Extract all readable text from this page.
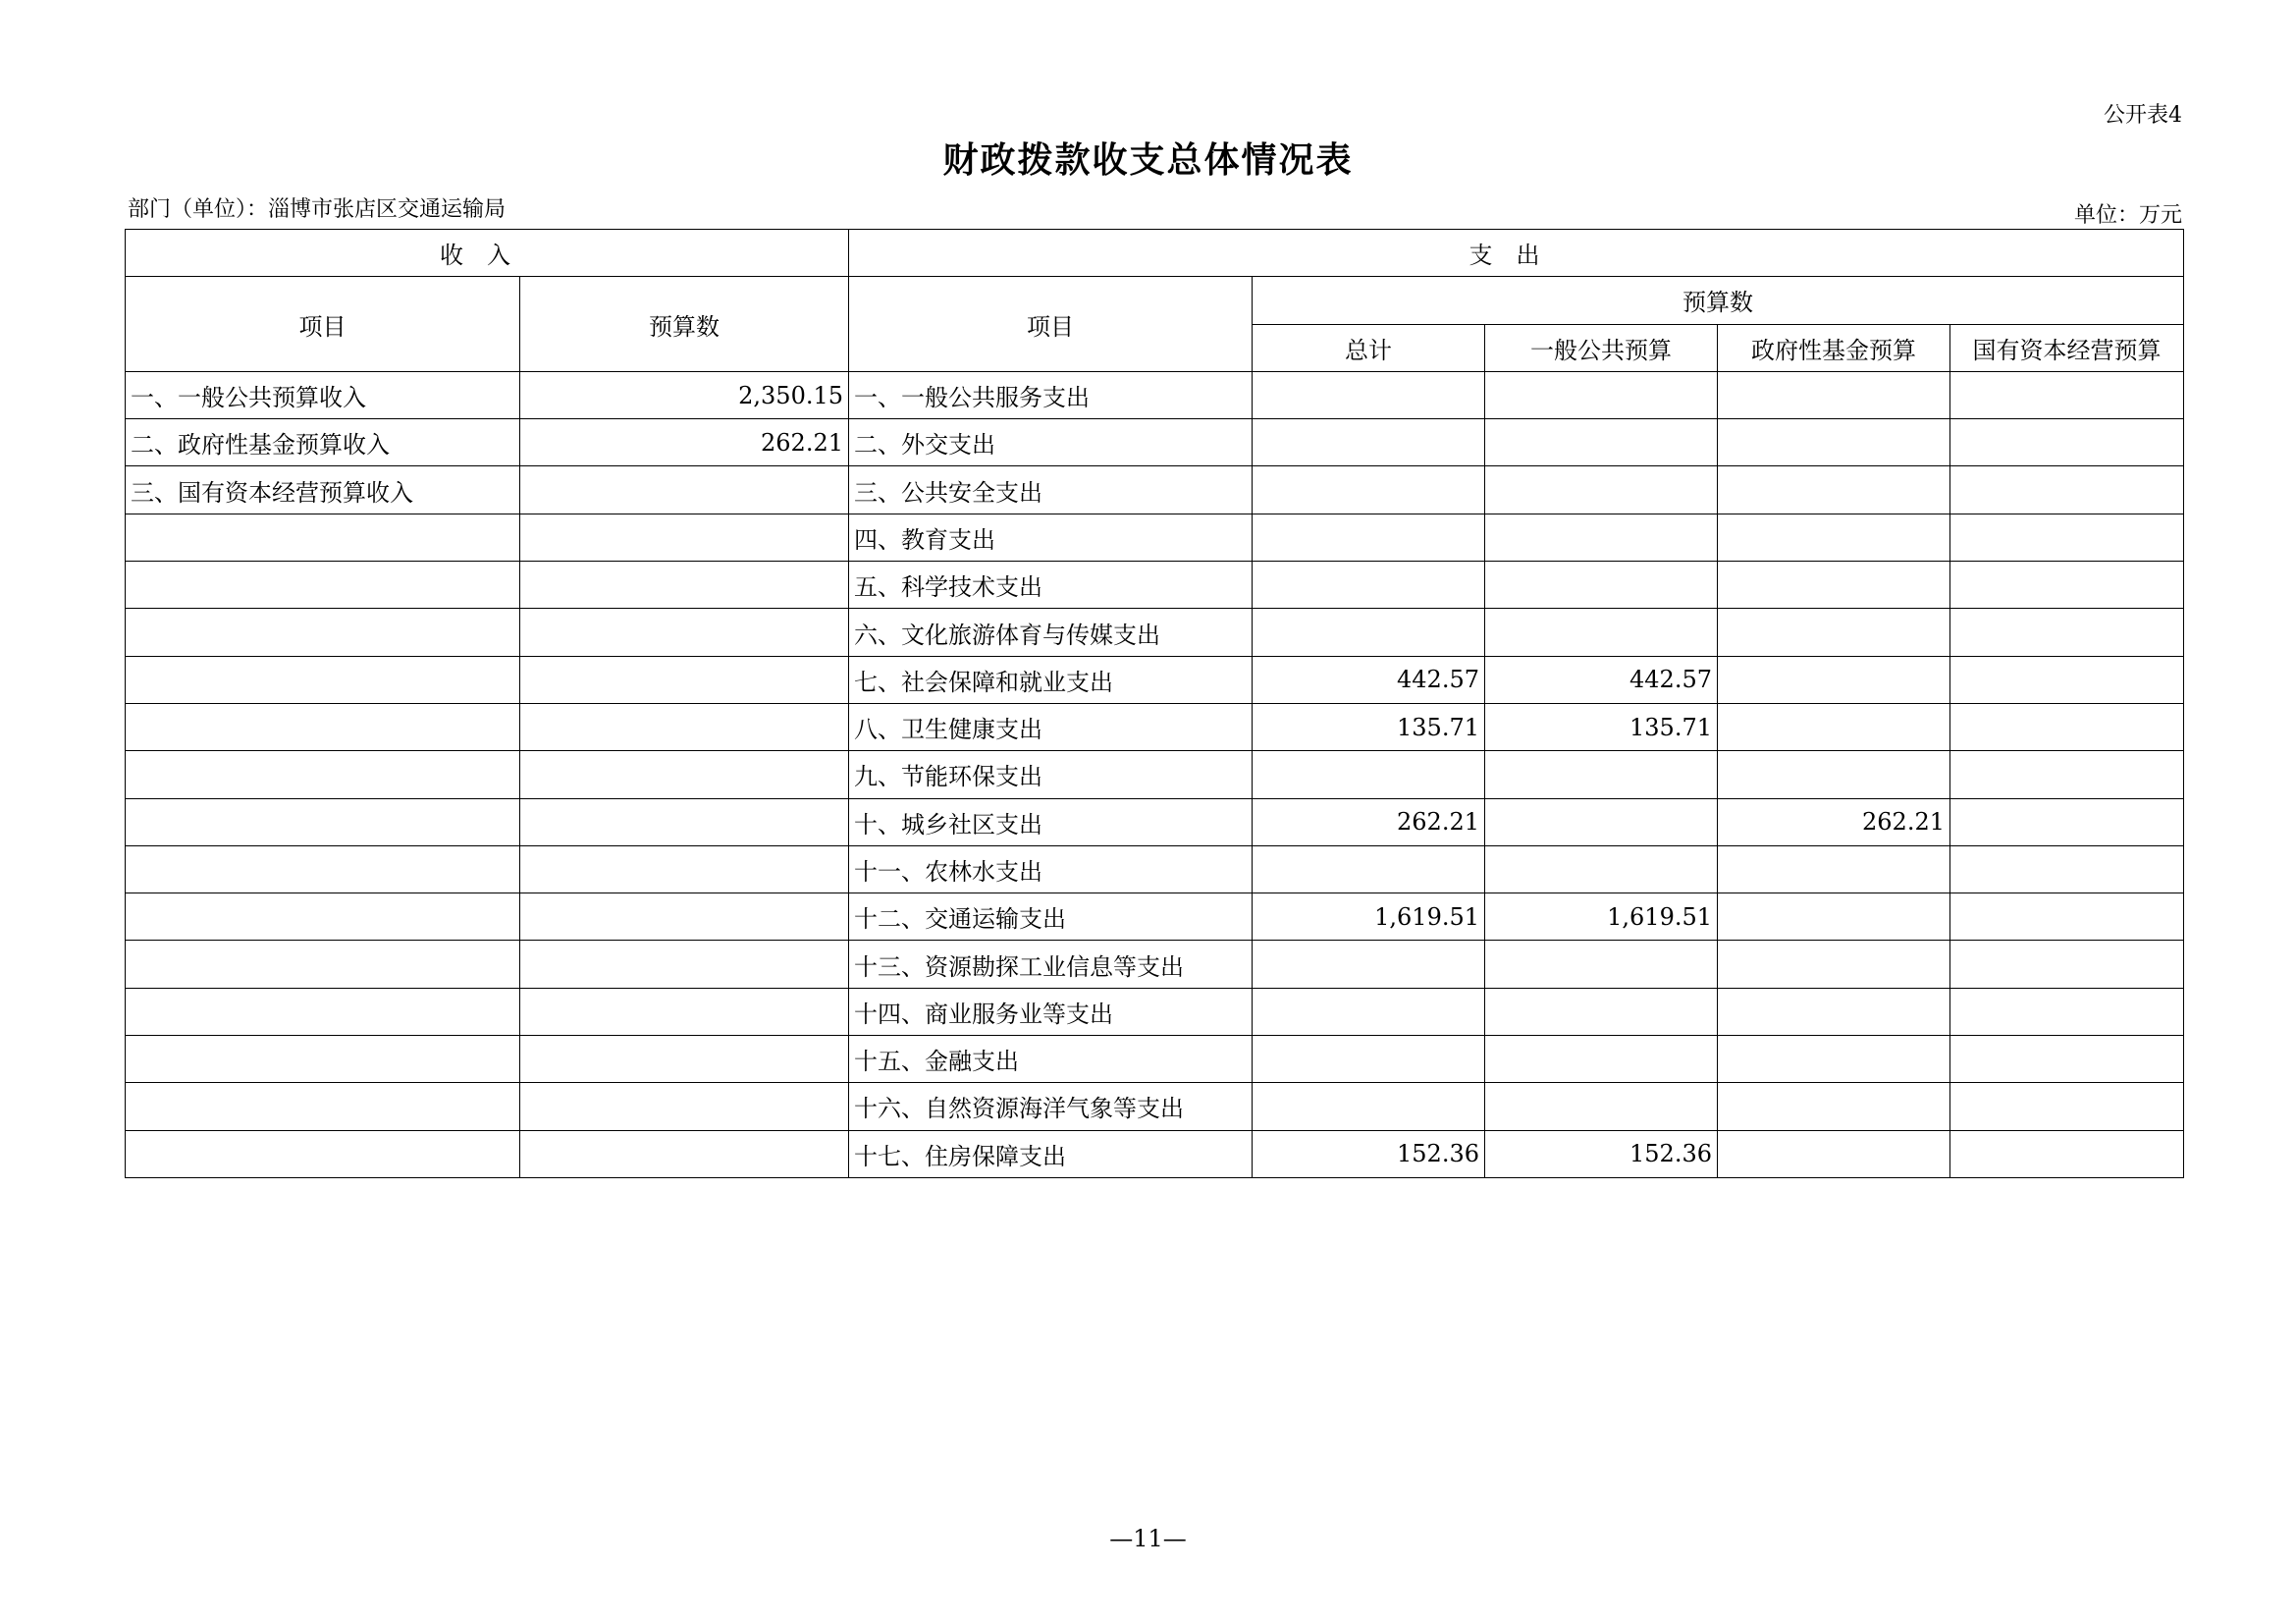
公开表4
财政拨款收支总体情况表
部门（单位）：淄博市张店区交通运输局	单位：万元
收入		支出				
项目	预算数	项目	预算数			
			总计	一般公共预算	政府性基金预算	国有资本经营预算
一、一般公共预算收入	2,350.15	一、一般公共服务支出				
二、政府性基金预算收入	262.21	二、外交支出				
三、国有资本经营预算收入		三、公共安全支出				
		四、教育支出				
		五、科学技术支出				
		六、文化旅游体育与传媒支出				
		七、社会保障和就业支出	442.57	442.57		
		八、卫生健康支出	135.71	135.71		
		九、节能环保支出				
		十、城乡社区支出	262.21		262.21	
		十一、农林水支出				
		十二、交通运输支出	1,619.51	1,619.51		
		十三、资源勘探工业信息等支出				
		十四、商业服务业等支出				
		十五、金融支出				
		十六、自然资源海洋气象等支出				
		十七、住房保障支出	152.36	152.36		
—11—
